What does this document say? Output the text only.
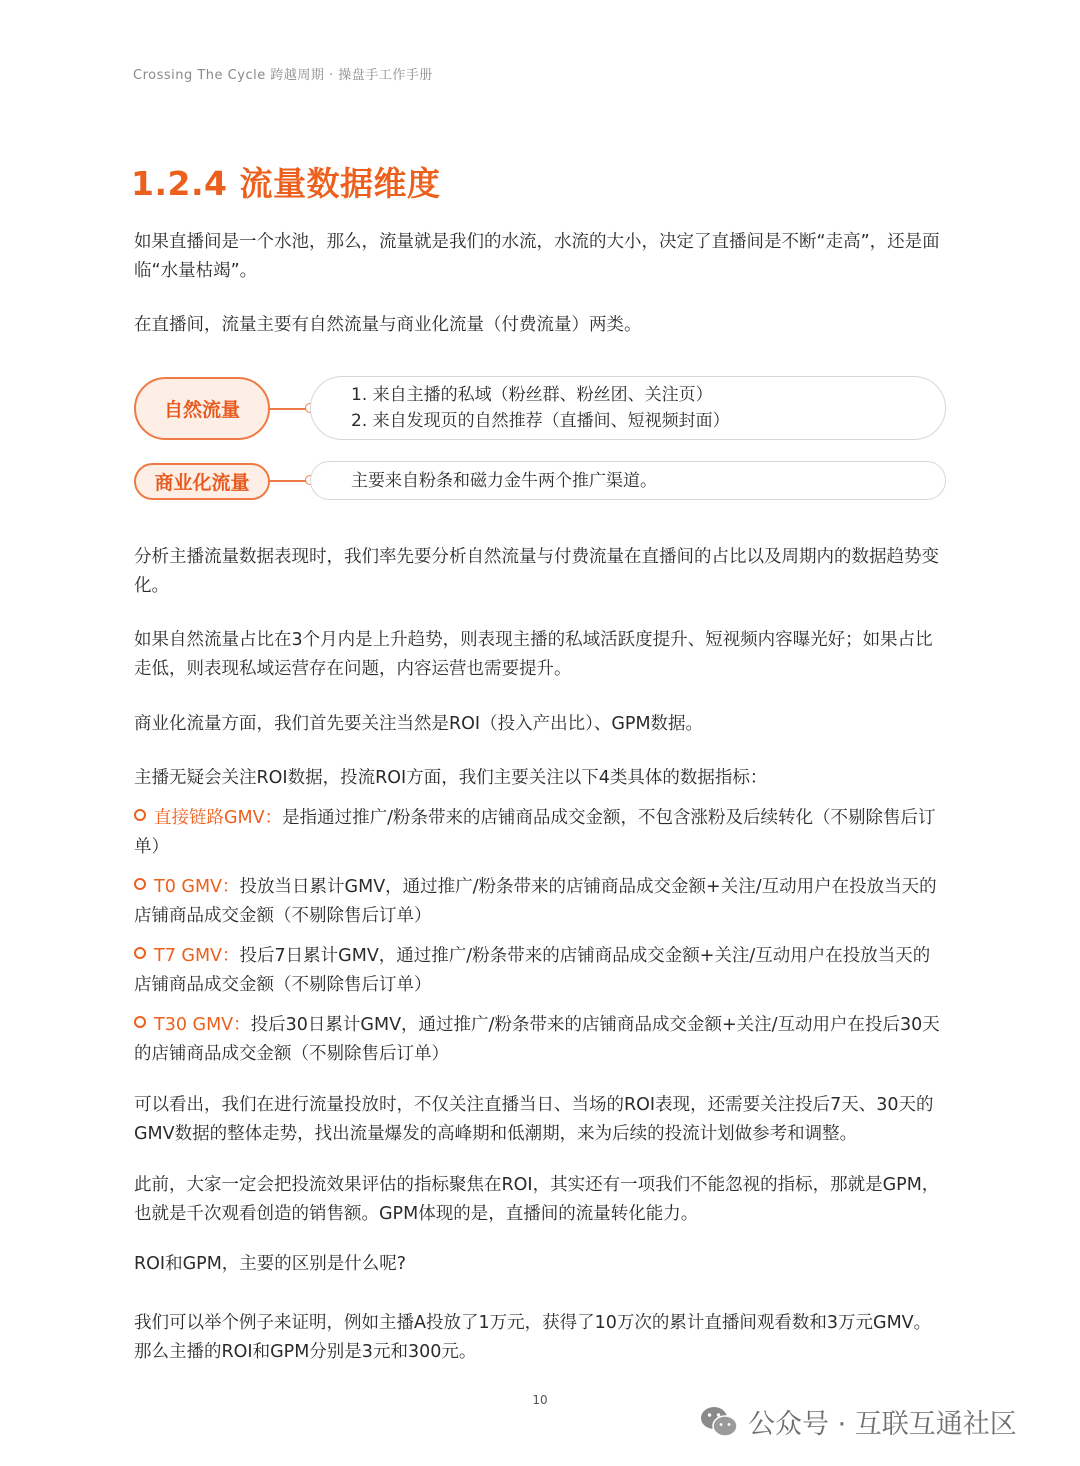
Crossing The Cycle 跨越周期 · 操盘手工作手册
1.2.4 流量数据维度

如果直播间是一个水池，那么，流量就是我们的水流，水流的大小，决定了直播间是不断“走高”，还是面临“水量枯竭”。

在直播间，流量主要有自然流量与商业化流量（付费流量）两类。

自然流量
1. 来自主播的私域（粉丝群、粉丝团、关注页）
2. 来自发现页的自然推荐（直播间、短视频封面）
商业化流量	主要来自粉条和磁力金牛两个推广渠道。

分析主播流量数据表现时，我们率先要分析自然流量与付费流量在直播间的占比以及周期内的数据趋势变化。

如果自然流量占比在3个月内是上升趋势，则表现主播的私域活跃度提升、短视频内容曝光好；如果占比走低，则表现私域运营存在问题，内容运营也需要提升。

商业化流量方面，我们首先要关注当然是ROI（投入产出比）、GPM数据。

主播无疑会关注ROI数据，投流ROI方面，我们主要关注以下4类具体的数据指标：

直接链路GMV：是指通过推广/粉条带来的店铺商品成交金额，不包含涨粉及后续转化（不剔除售后订单）

T0 GMV：投放当日累计GMV，通过推广/粉条带来的店铺商品成交金额+关注/互动用户在投放当天的店铺商品成交金额（不剔除售后订单）

T7 GMV：投后7日累计GMV，通过推广/粉条带来的店铺商品成交金额+关注/互动用户在投放当天的店铺商品成交金额（不剔除售后订单）

T30 GMV：投后30日累计GMV，通过推广/粉条带来的店铺商品成交金额+关注/互动用户在投后30天的店铺商品成交金额（不剔除售后订单）

可以看出，我们在进行流量投放时，不仅关注直播当日、当场的ROI表现，还需要关注投后7天、30天的GMV数据的整体走势，找出流量爆发的高峰期和低潮期，来为后续的投流计划做参考和调整。

此前，大家一定会把投流效果评估的指标聚焦在ROI，其实还有一项我们不能忽视的指标，那就是GPM，也就是千次观看创造的销售额。GPM体现的是，直播间的流量转化能力。

ROI和GPM，主要的区别是什么呢?

我们可以举个例子来证明，例如主播A投放了1万元，获得了10万次的累计直播间观看数和3万元GMV。那么主播的ROI和GPM分别是3元和300元。

10
公众号 · 互联互通社区
